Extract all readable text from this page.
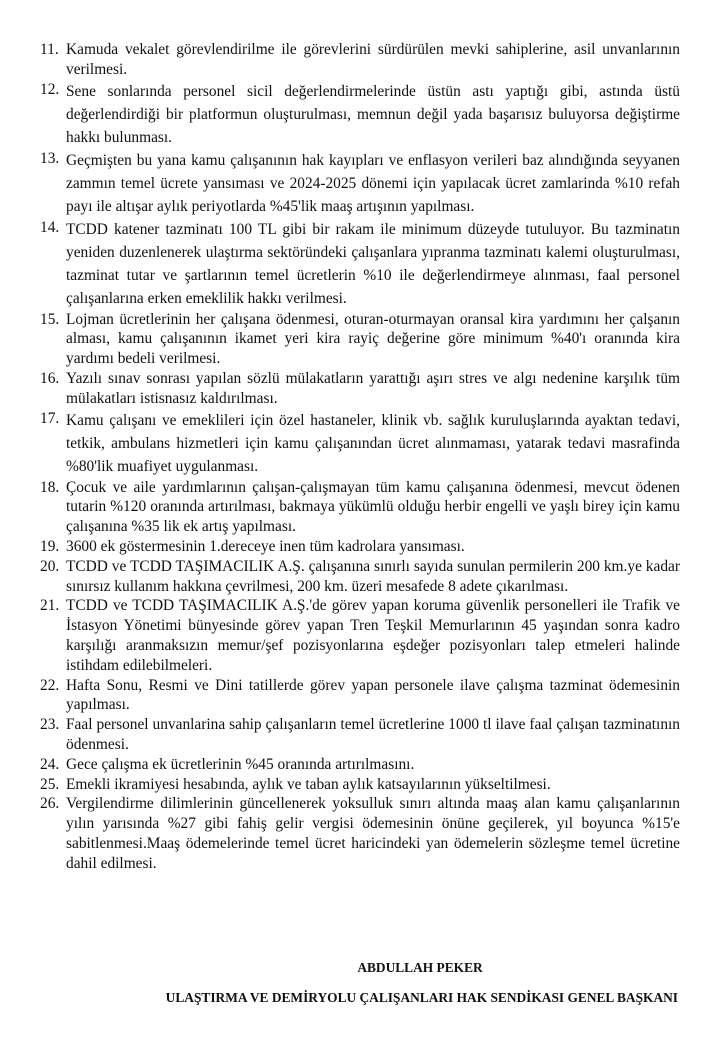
11. Kamuda vekalet görevlendirilme ile görevlerini sürdürülen mevki sahiplerine, asil unvanlarının verilmesi.
12. Sene sonlarında personel sicil değerlendirmelerinde üstün astı yaptığı gibi, astında üstü değerlendirdiği bir platformun oluşturulması, memnun değil yada başarısız buluyorsa değiştirme hakkı bulunması.
13. Geçmişten bu yana kamu çalışanının hak kayıpları ve enflasyon verileri baz alındığında seyyanen zammın temel ücrete yansıması ve 2024-2025 dönemi için yapılacak ücret zamlarinda %10 refah payı ile altışar aylık periyotlarda %45'lik maaş artışının yapılması.
14. TCDD katener tazminatı 100 TL gibi bir rakam ile minimum düzeyde tutuluyor. Bu tazminatın yeniden duzenlenerek ulaştırma sektöründeki çalışanlara yıpranma tazminatı kalemi oluşturulması, tazminat tutar ve şartlarının temel ücretlerin %10 ile değerlendirmeye alınması, faal personel çalışanlarına erken emeklilik hakkı verilmesi.
15. Lojman ücretlerinin her çalışana ödenmesi, oturan-oturmayan oransal kira yardımını her çalşanın alması, kamu çalışanının ikamet yeri kira rayiç değerine göre minimum %40'ı oranında kira yardımı bedeli verilmesi.
16. Yazılı sınav sonrası yapılan sözlü mülakatların yarattığı aşırı stres ve algı nedenine karşılık tüm mülakatları istisnasız kaldırılması.
17. Kamu çalışanı ve emeklileri için özel hastaneler, klinik vb. sağlık kuruluşlarında ayaktan tedavi, tetkik, ambulans hizmetleri için kamu çalışanından ücret alınmaması, yatarak tedavi masrafinda %80'lik muafiyet uygulanması.
18. Çocuk ve aile yardımlarının çalışan-çalışmayan tüm kamu çalışanına ödenmesi, mevcut ödenen tutarin %120 oranında artırılması, bakmaya yükümlü olduğu herbir engelli ve yaşlı birey için kamu çalışanına %35 lik ek artış yapılması.
19. 3600 ek göstermesinin 1.dereceye inen tüm kadrolara yansıması.
20. TCDD ve TCDD TAŞIMACILIK A.Ş. çalışanına sınırlı sayıda sunulan permilerin 200 km.ye kadar sınırsız kullanım hakkına çevrilmesi, 200 km. üzeri mesafede 8 adete çıkarılması.
21. TCDD ve TCDD TAŞIMACILIK A.Ş.'de görev yapan koruma güvenlik personelleri ile Trafik ve İstasyon Yönetimi bünyesinde görev yapan Tren Teşkil Memurlarının 45 yaşından sonra kadro karşılığı aranmaksızın memur/şef pozisyonlarına eşdeğer pozisyonları talep etmeleri halinde istihdam edilebilmeleri.
22. Hafta Sonu, Resmi ve Dini tatillerde görev yapan personele ilave çalışma tazminat ödemesinin yapılması.
23. Faal personel unvanlarina sahip çalışanların temel ücretlerine 1000 tl ilave faal çalışan tazminatının ödenmesi.
24. Gece çalışma ek ücretlerinin %45 oranında artırılmasını.
25. Emekli ikramiyesi hesabında, aylık ve taban aylık katsayılarının yükseltilmesi.
26. Vergilendirme dilimlerinin güncellenerek yoksulluk sınırı altında maaş alan kamu çalışanlarının yılın yarısında %27 gibi fahiş gelir vergisi ödemesinin önüne geçilerek, yıl boyunca %15'e sabitlenmesi.Maaş ödemelerinde temel ücret haricindeki yan ödemelerin sözleşme temel ücretine dahil edilmesi.
ABDULLAH PEKER
ULAŞTIRMA VE DEMİRYOLU ÇALIŞANLARI HAK SENDİKASI GENEL BAŞKANI
